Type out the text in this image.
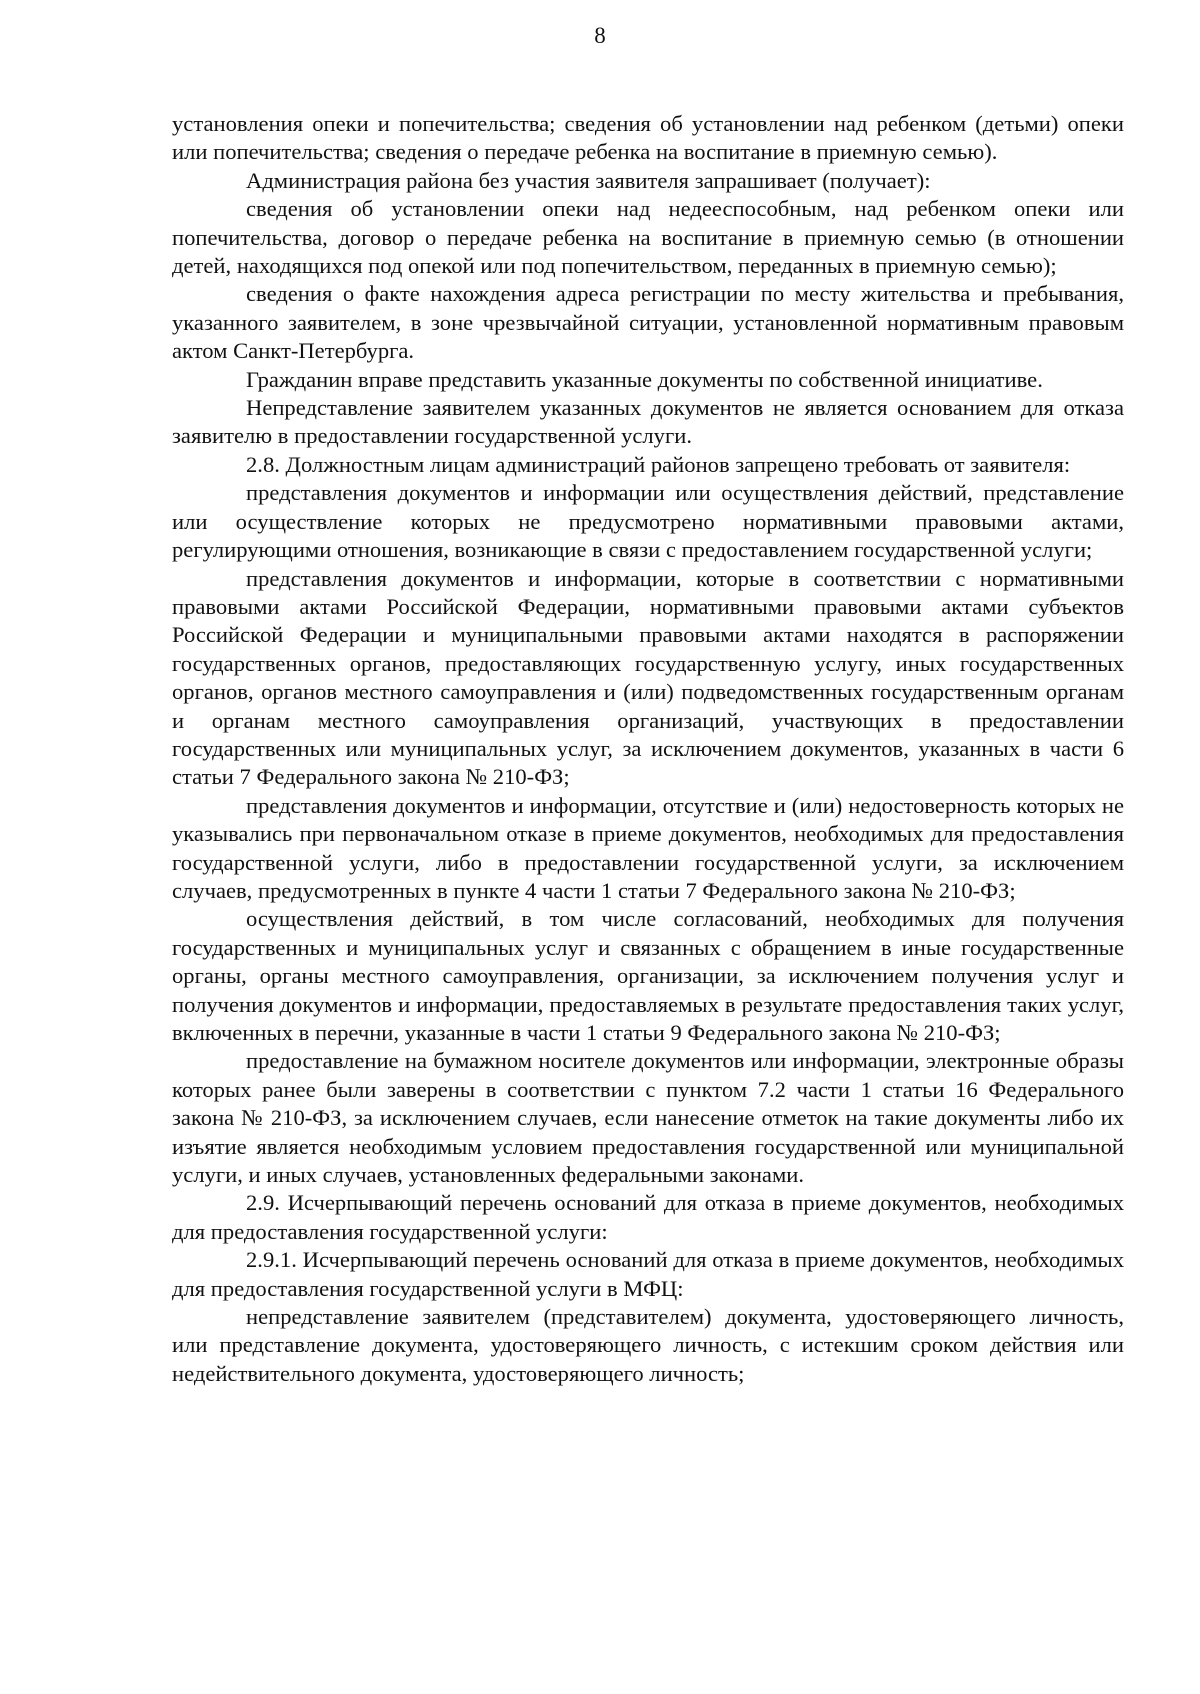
8

установления опеки и попечительства; сведения об установлении над ребенком (детьми) опеки или попечительства; сведения о передаче ребенка на воспитание в приемную семью).

Администрация района без участия заявителя запрашивает (получает):

сведения об установлении опеки над недееспособным, над ребенком опеки или попечительства, договор о передаче ребенка на воспитание в приемную семью (в отношении детей, находящихся под опекой или под попечительством, переданных в приемную семью);

сведения о факте нахождения адреса регистрации по месту жительства и пребывания, указанного заявителем, в зоне чрезвычайной ситуации, установленной нормативным правовым актом Санкт-Петербурга.

Гражданин вправе представить указанные документы по собственной инициативе.

Непредставление заявителем указанных документов не является основанием для отказа заявителю в предоставлении государственной услуги.

2.8. Должностным лицам администраций районов запрещено требовать от заявителя:

представления документов и информации или осуществления действий, представление или осуществление которых не предусмотрено нормативными правовыми актами, регулирующими отношения, возникающие в связи с предоставлением государственной услуги;

представления документов и информации, которые в соответствии с нормативными правовыми актами Российской Федерации, нормативными правовыми актами субъектов Российской Федерации и муниципальными правовыми актами находятся в распоряжении государственных органов, предоставляющих государственную услугу, иных государственных органов, органов местного самоуправления и (или) подведомственных государственным органам и органам местного самоуправления организаций, участвующих в предоставлении государственных или муниципальных услуг, за исключением документов, указанных в части 6 статьи 7 Федерального закона № 210-ФЗ;

представления документов и информации, отсутствие и (или) недостоверность которых не указывались при первоначальном отказе в приеме документов, необходимых для предоставления государственной услуги, либо в предоставлении государственной услуги, за исключением случаев, предусмотренных в пункте 4 части 1 статьи 7 Федерального закона № 210-ФЗ;

осуществления действий, в том числе согласований, необходимых для получения государственных и муниципальных услуг и связанных с обращением в иные государственные органы, органы местного самоуправления, организации, за исключением получения услуг и получения документов и информации, предоставляемых в результате предоставления таких услуг, включенных в перечни, указанные в части 1 статьи 9 Федерального закона № 210-ФЗ;

предоставление на бумажном носителе документов или информации, электронные образы которых ранее были заверены в соответствии с пунктом 7.2 части 1 статьи 16 Федерального закона № 210-ФЗ, за исключением случаев, если нанесение отметок на такие документы либо их изъятие является необходимым условием предоставления государственной или муниципальной услуги, и иных случаев, установленных федеральными законами.

2.9. Исчерпывающий перечень оснований для отказа в приеме документов, необходимых для предоставления государственной услуги:

2.9.1. Исчерпывающий перечень оснований для отказа в приеме документов, необходимых для предоставления государственной услуги в МФЦ:

непредставление заявителем (представителем) документа, удостоверяющего личность, или представление документа, удостоверяющего личность, с истекшим сроком действия или недействительного документа, удостоверяющего личность;
